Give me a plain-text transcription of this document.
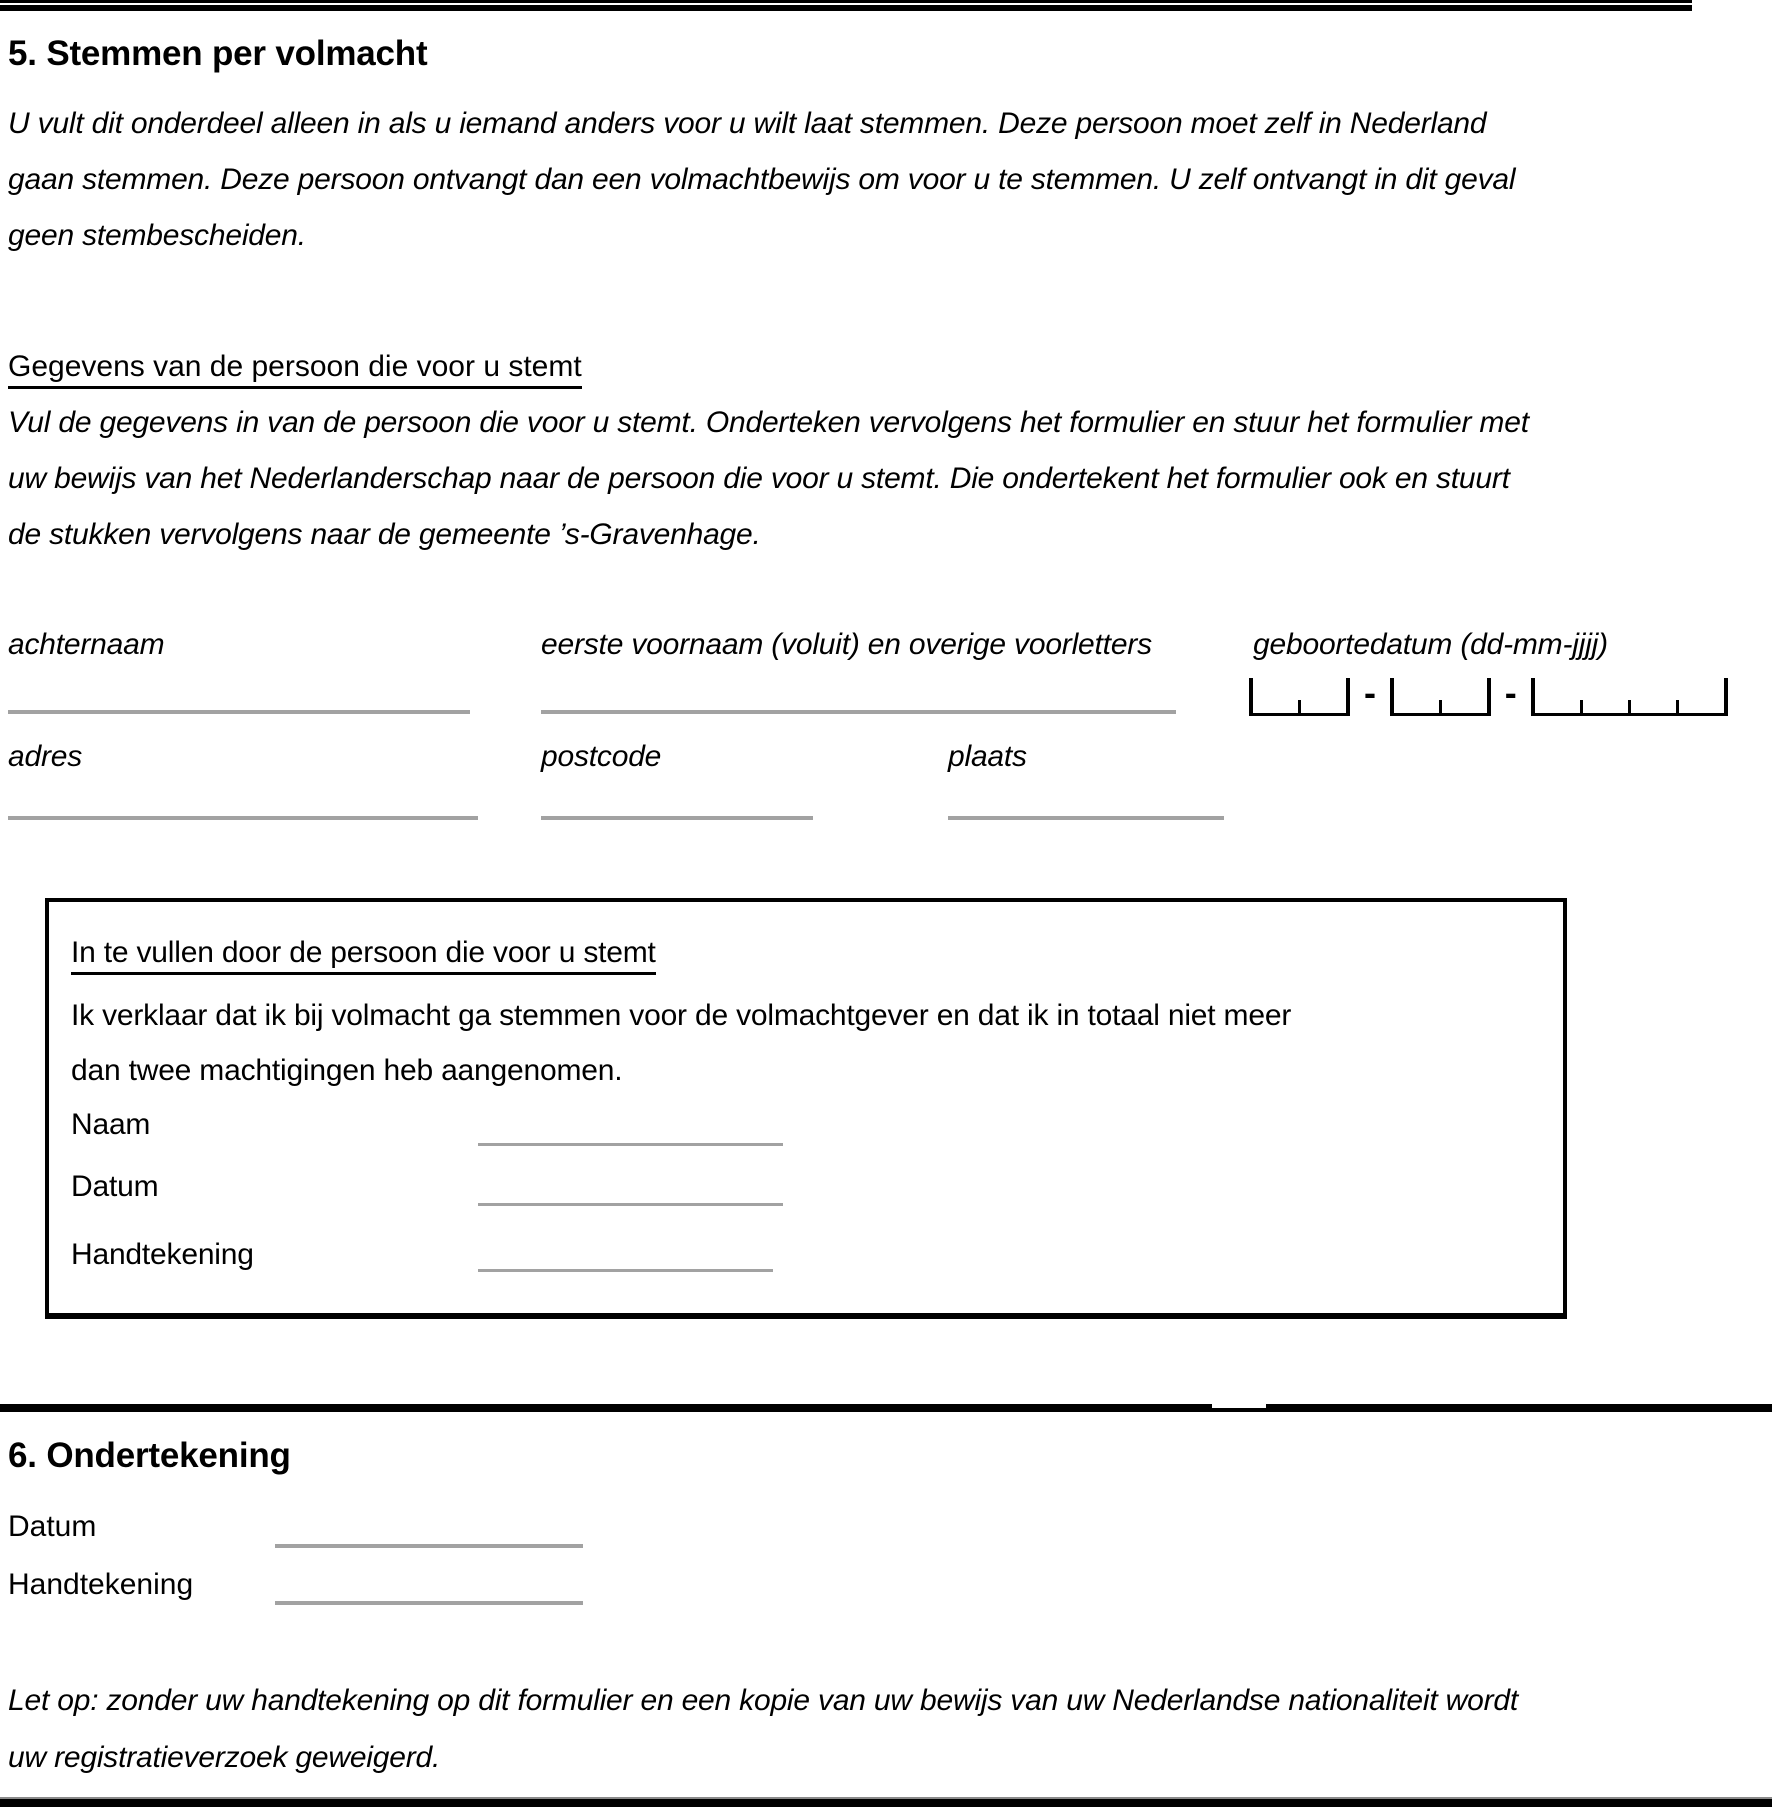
5. Stemmen per volmacht
U vult dit onderdeel alleen in als u iemand anders voor u wilt laat stemmen. Deze persoon moet zelf in Nederland
gaan stemmen. Deze persoon ontvangt dan een volmachtbewijs om voor u te stemmen. U zelf ontvangt in dit geval
geen stembescheiden.
Gegevens van de persoon die voor u stemt
Vul de gegevens in van de persoon die voor u stemt. Onderteken vervolgens het formulier en stuur het formulier met
uw bewijs van het Nederlanderschap naar de persoon die voor u stemt. Die ondertekent het formulier ook en stuurt
de stukken vervolgens naar de gemeente ’s-Gravenhage.
achternaam	eerste voornaam (voluit) en overige voorletters	geboortedatum (dd-mm-jjjj)
-	-
adres	postcode	plaats
In te vullen door de persoon die voor u stemt
Ik verklaar dat ik bij volmacht ga stemmen voor de volmachtgever en dat ik in totaal niet meer
dan twee machtigingen heb aangenomen.
Naam
Datum
Handtekening
6. Ondertekening
Datum
Handtekening
Let op: zonder uw handtekening op dit formulier en een kopie van uw bewijs van uw Nederlandse nationaliteit wordt
uw registratieverzoek geweigerd.
